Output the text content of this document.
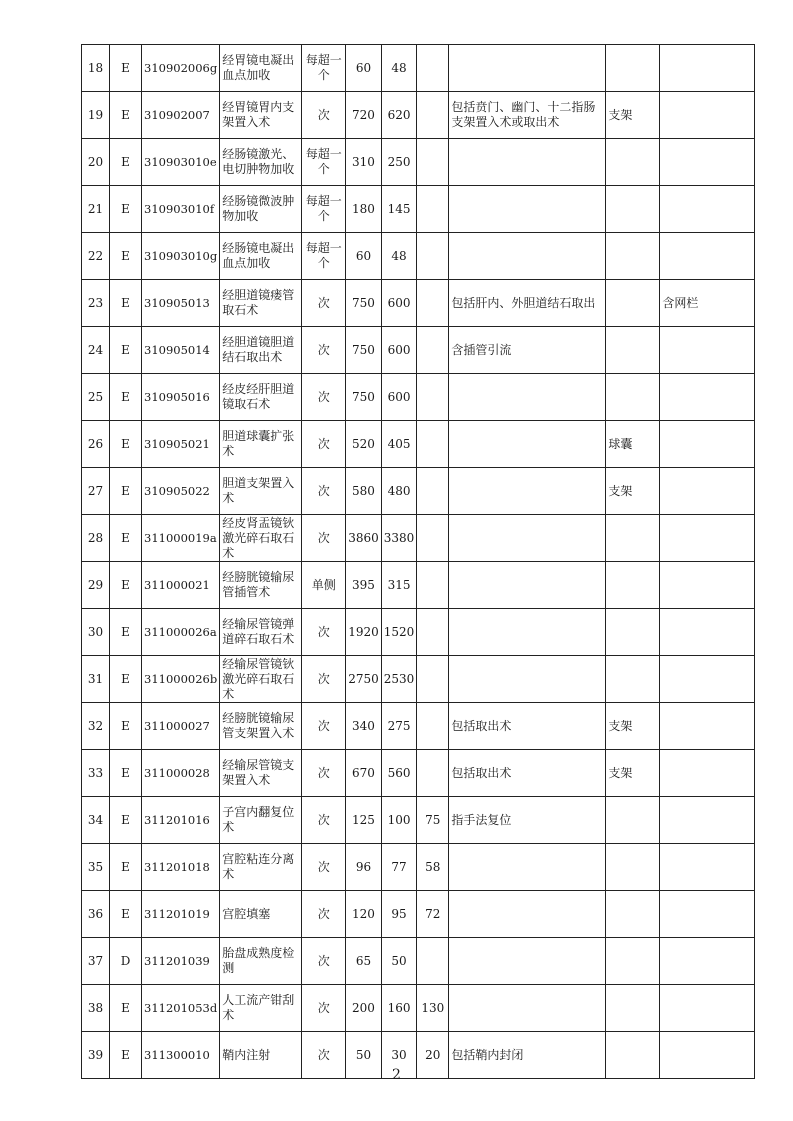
18	E	310902006g	经胃镜电凝出血点加收	每超一个	60	48				
19	E	310902007	经胃镜胃内支架置入术	次	720	620		包括贲门、幽门、十二指肠支架置入术或取出术	支架	
20	E	310903010e	经肠镜激光、电切肿物加收	每超一个	310	250				
21	E	310903010f	经肠镜微波肿物加收	每超一个	180	145				
22	E	310903010g	经肠镜电凝出血点加收	每超一个	60	48				
23	E	310905013	经胆道镜瘘管取石术	次	750	600		包括肝内、外胆道结石取出		含网栏
24	E	310905014	经胆道镜胆道结石取出术	次	750	600		含插管引流		
25	E	310905016	经皮经肝胆道镜取石术	次	750	600				
26	E	310905021	胆道球囊扩张术	次	520	405			球囊	
27	E	310905022	胆道支架置入术	次	580	480			支架	
28	E	311000019a	经皮肾盂镜钬激光碎石取石术	次	3860	3380				
29	E	311000021	经膀胱镜输尿管插管术	单侧	395	315				
30	E	311000026a	经输尿管镜弹道碎石取石术	次	1920	1520				
31	E	311000026b	经输尿管镜钬激光碎石取石术	次	2750	2530				
32	E	311000027	经膀胱镜输尿管支架置入术	次	340	275		包括取出术	支架	
33	E	311000028	经输尿管镜支架置入术	次	670	560		包括取出术	支架	
34	E	311201016	子宫内翻复位术	次	125	100	75	指手法复位		
35	E	311201018	宫腔粘连分离术	次	96	77	58			
36	E	311201019	宫腔填塞	次	120	95	72			
37	D	311201039	胎盘成熟度检测	次	65	50				
38	E	311201053d	人工流产钳刮术	次	200	160	130			
39	E	311300010	鞘内注射	次	50	30	20	包括鞘内封闭		
2
